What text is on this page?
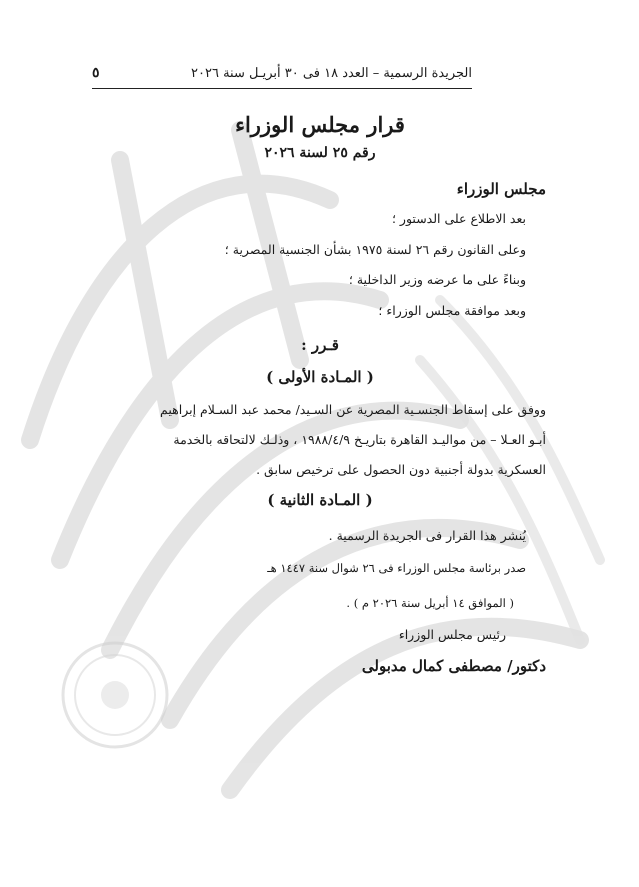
الجريدة الرسمية – العدد ١٨ فى ٣٠ أبريـل سنة ٢٠٢٦
٥
قرار مجلس الوزراء
رقم ٢٥ لسنة ٢٠٢٦
مجلس الوزراء
بعد الاطلاع على الدستور ؛
وعلى القانون رقم ٢٦ لسنة ١٩٧٥ بشأن الجنسية المصرية ؛
وبناءً على ما عرضه وزير الداخلية ؛
وبعد موافقة مجلس الوزراء ؛
قـرر :
( المـادة الأولى )
ووفق على إسقاط الجنسـية المصرية عن السـيد/ محمد عبد السـلام إبراهيم
أبـو العـلا – من مواليـد القاهرة بتاريـخ ١٩٨٨/٤/٩ ، وذلـك لالتحاقه بالخدمة
العسكرية بدولة أجنبية دون الحصول على ترخيص سابق .
( المـادة الثانية )
يُنشر هذا القرار فى الجريدة الرسمية .
صدر برئاسة مجلس الوزراء فى ٢٦ شوال سنة ١٤٤٧ هـ
( الموافق ١٤ أبريل سنة ٢٠٢٦ م ) .
رئيس مجلس الوزراء
دكتور/ مصطفى كمال مدبولى
